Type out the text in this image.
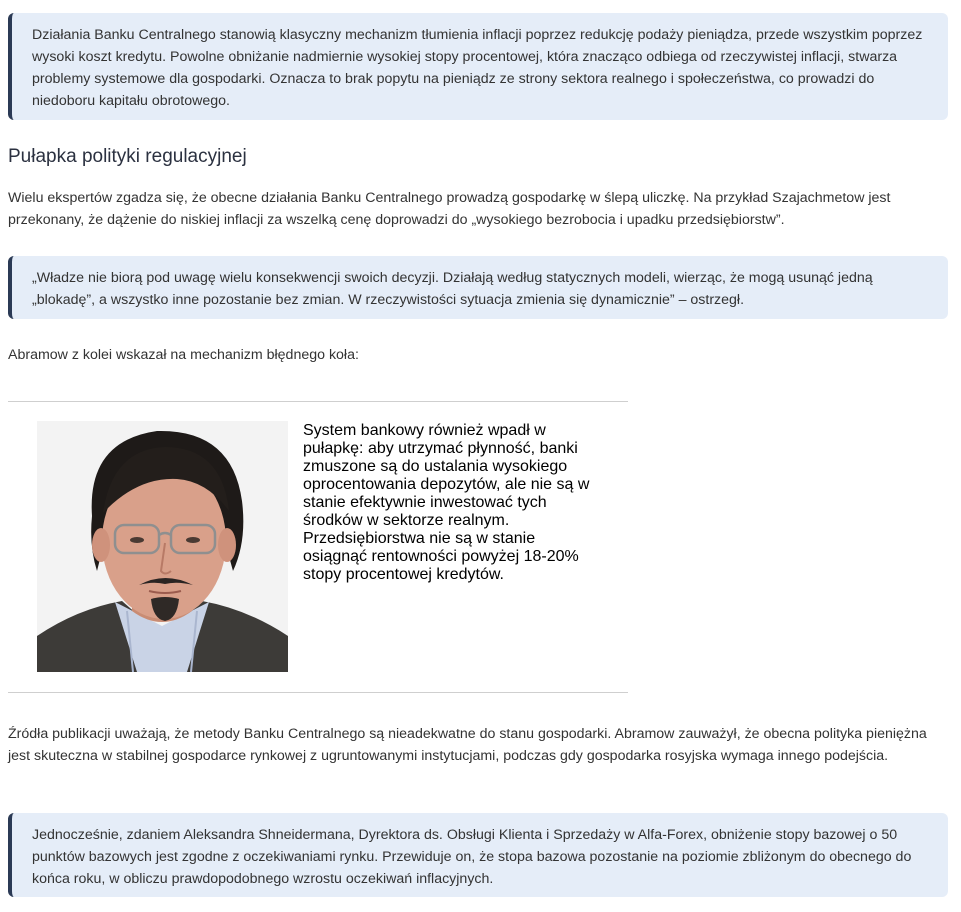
Działania Banku Centralnego stanowią klasyczny mechanizm tłumienia inflacji poprzez redukcję podaży pieniądza, przede wszystkim poprzez wysoki koszt kredytu. Powolne obniżanie nadmiernie wysokiej stopy procentowej, która znacząco odbiega od rzeczywistej inflacji, stwarza problemy systemowe dla gospodarki. Oznacza to brak popytu na pieniądz ze strony sektora realnego i społeczeństwa, co prowadzi do niedoboru kapitału obrotowego.

Pułapka polityki regulacyjnej

Wielu ekspertów zgadza się, że obecne działania Banku Centralnego prowadzą gospodarkę w ślepą uliczkę. Na przykład Szajachmetow jest przekonany, że dążenie do niskiej inflacji za wszelką cenę doprowadzi do „wysokiego bezrobocia i upadku przedsiębiorstw”.

„Władze nie biorą pod uwagę wielu konsekwencji swoich decyzji. Działają według statycznych modeli, wierząc, że mogą usunąć jedną „blokadę”, a wszystko inne pozostanie bez zmian. W rzeczywistości sytuacja zmienia się dynamicznie” – ostrzegł.

Abramow z kolei wskazał na mechanizm błędnego koła:

System bankowy również wpadł w pułapkę: aby utrzymać płynność, banki zmuszone są do ustalania wysokiego oprocentowania depozytów, ale nie są w stanie efektywnie inwestować tych środków w sektorze realnym. Przedsiębiorstwa nie są w stanie osiągnąć rentowności powyżej 18-20% stopy procentowej kredytów.

Źródła publikacji uważają, że metody Banku Centralnego są nieadekwatne do stanu gospodarki. Abramow zauważył, że obecna polityka pieniężna jest skuteczna w stabilnej gospodarce rynkowej z ugruntowanymi instytucjami, podczas gdy gospodarka rosyjska wymaga innego podejścia.

Jednocześnie, zdaniem Aleksandra Shneidermana, Dyrektora ds. Obsługi Klienta i Sprzedaży w Alfa-Forex, obniżenie stopy bazowej o 50 punktów bazowych jest zgodne z oczekiwaniami rynku. Przewiduje on, że stopa bazowa pozostanie na poziomie zbliżonym do obecnego do końca roku, w obliczu prawdopodobnego wzrostu oczekiwań inflacyjnych.
